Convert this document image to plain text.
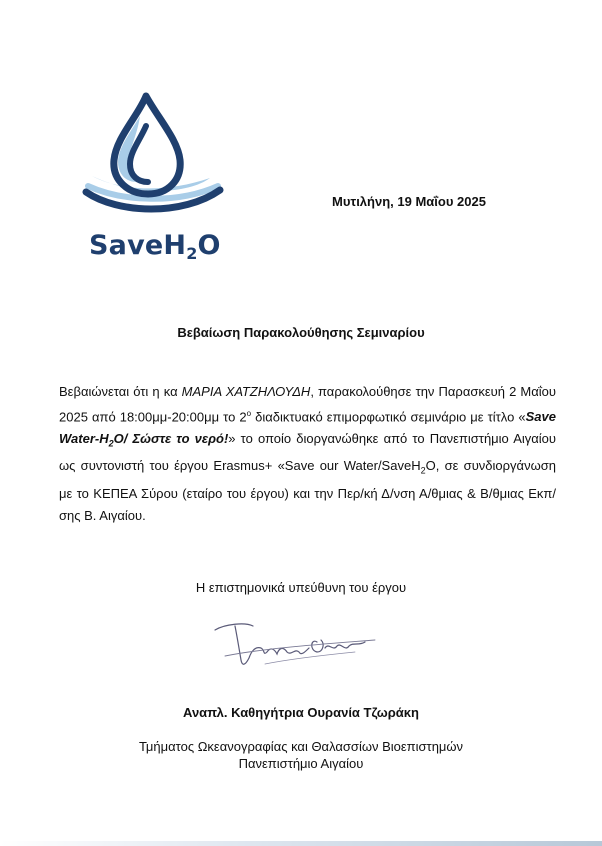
SaveH$_2$O
Μυτιλήνη, 19 Μαΐου 2025
Βεβαίωση Παρακολούθησης Σεμιναρίου

Βεβαιώνεται ότι η κα ΜΑΡΙΑ ΧΑΤΖΗΛΟΥΔΗ, παρακολούθησε την Παρασκευή 2 Μαΐου 2025 από 18:00μμ-20:00μμ το $2^o$ διαδικτυακό επιμορφωτικό σεμινάριο με τίτλο «Save Water-$H_2O/$ Σώστε το νερό!» το οποίο διοργανώθηκε από το Πανεπιστήμιο Αιγαίου ως συντονιστή του έργου Erasmus+ «Save our Water/SaveH$_2$O, σε συνδιοργάνωση με το ΚΕΠΕΑ Σύρου (εταίρο του έργου) και την Περ/κή Δ/νση Α/θμιας & Β/θμιας Εκπ/σης Β. Αιγαίου.

Η επιστημονικά υπεύθυνη του έργου
Αναπλ. Καθηγήτρια Ουρανία Τζωράκη
Τμήματος Ωκεανογραφίας και Θαλασσίων Βιοεπιστημών
Πανεπιστήμιο Αιγαίου
